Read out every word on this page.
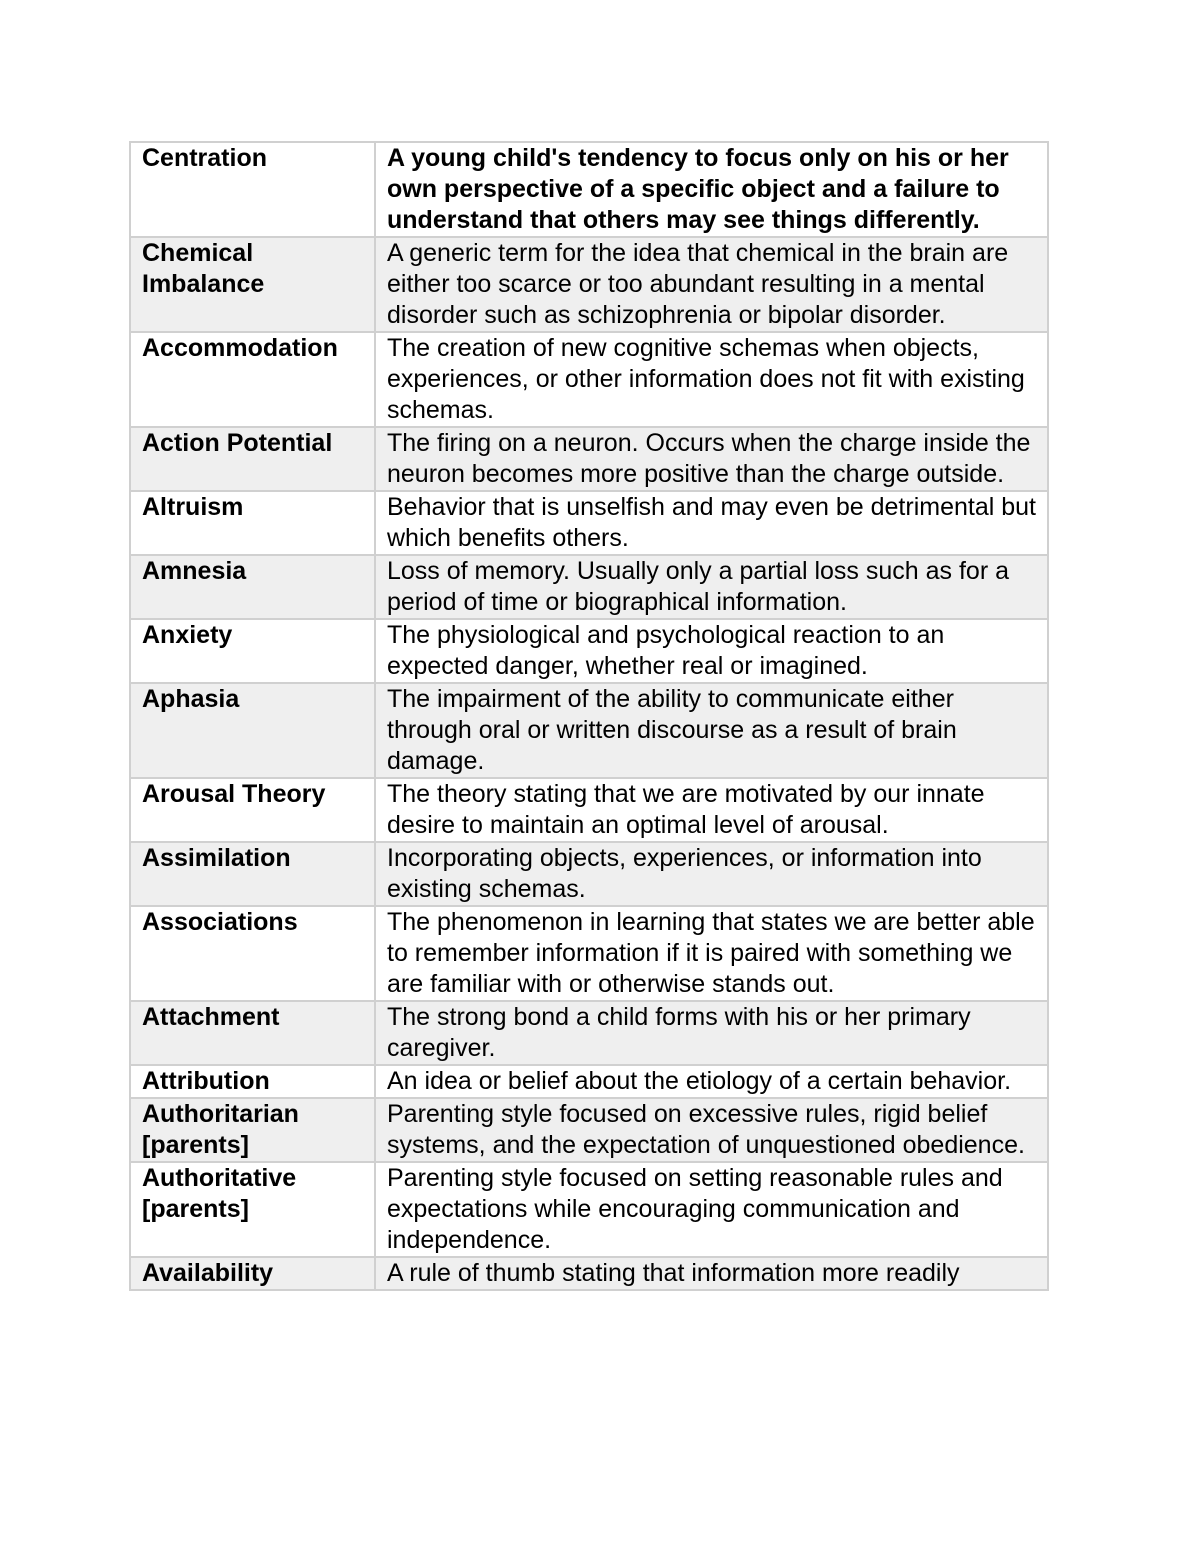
Centration	A young child's tendency to focus only on his or her own perspective of a specific object and a failure to understand that others may see things differently.
Chemical Imbalance	A generic term for the idea that chemical in the brain are either too scarce or too abundant resulting in a mental disorder such as schizophrenia or bipolar disorder.
Accommodation	The creation of new cognitive schemas when objects, experiences, or other information does not fit with existing schemas.
Action Potential	The firing on a neuron. Occurs when the charge inside the neuron becomes more positive than the charge outside.
Altruism	Behavior that is unselfish and may even be detrimental but which benefits others.
Amnesia	Loss of memory. Usually only a partial loss such as for a period of time or biographical information.
Anxiety	The physiological and psychological reaction to an expected danger, whether real or imagined.
Aphasia	The impairment of the ability to communicate either through oral or written discourse as a result of brain damage.
Arousal Theory	The theory stating that we are motivated by our innate desire to maintain an optimal level of arousal.
Assimilation	Incorporating objects, experiences, or information into existing schemas.
Associations	The phenomenon in learning that states we are better able to remember information if it is paired with something we are familiar with or otherwise stands out.
Attachment	The strong bond a child forms with his or her primary caregiver.
Attribution	An idea or belief about the etiology of a certain behavior.
Authoritarian [parents]	Parenting style focused on excessive rules, rigid belief systems, and the expectation of unquestioned obedience.
Authoritative [parents]	Parenting style focused on setting reasonable rules and expectations while encouraging communication and independence.
Availability	A rule of thumb stating that information more readily
